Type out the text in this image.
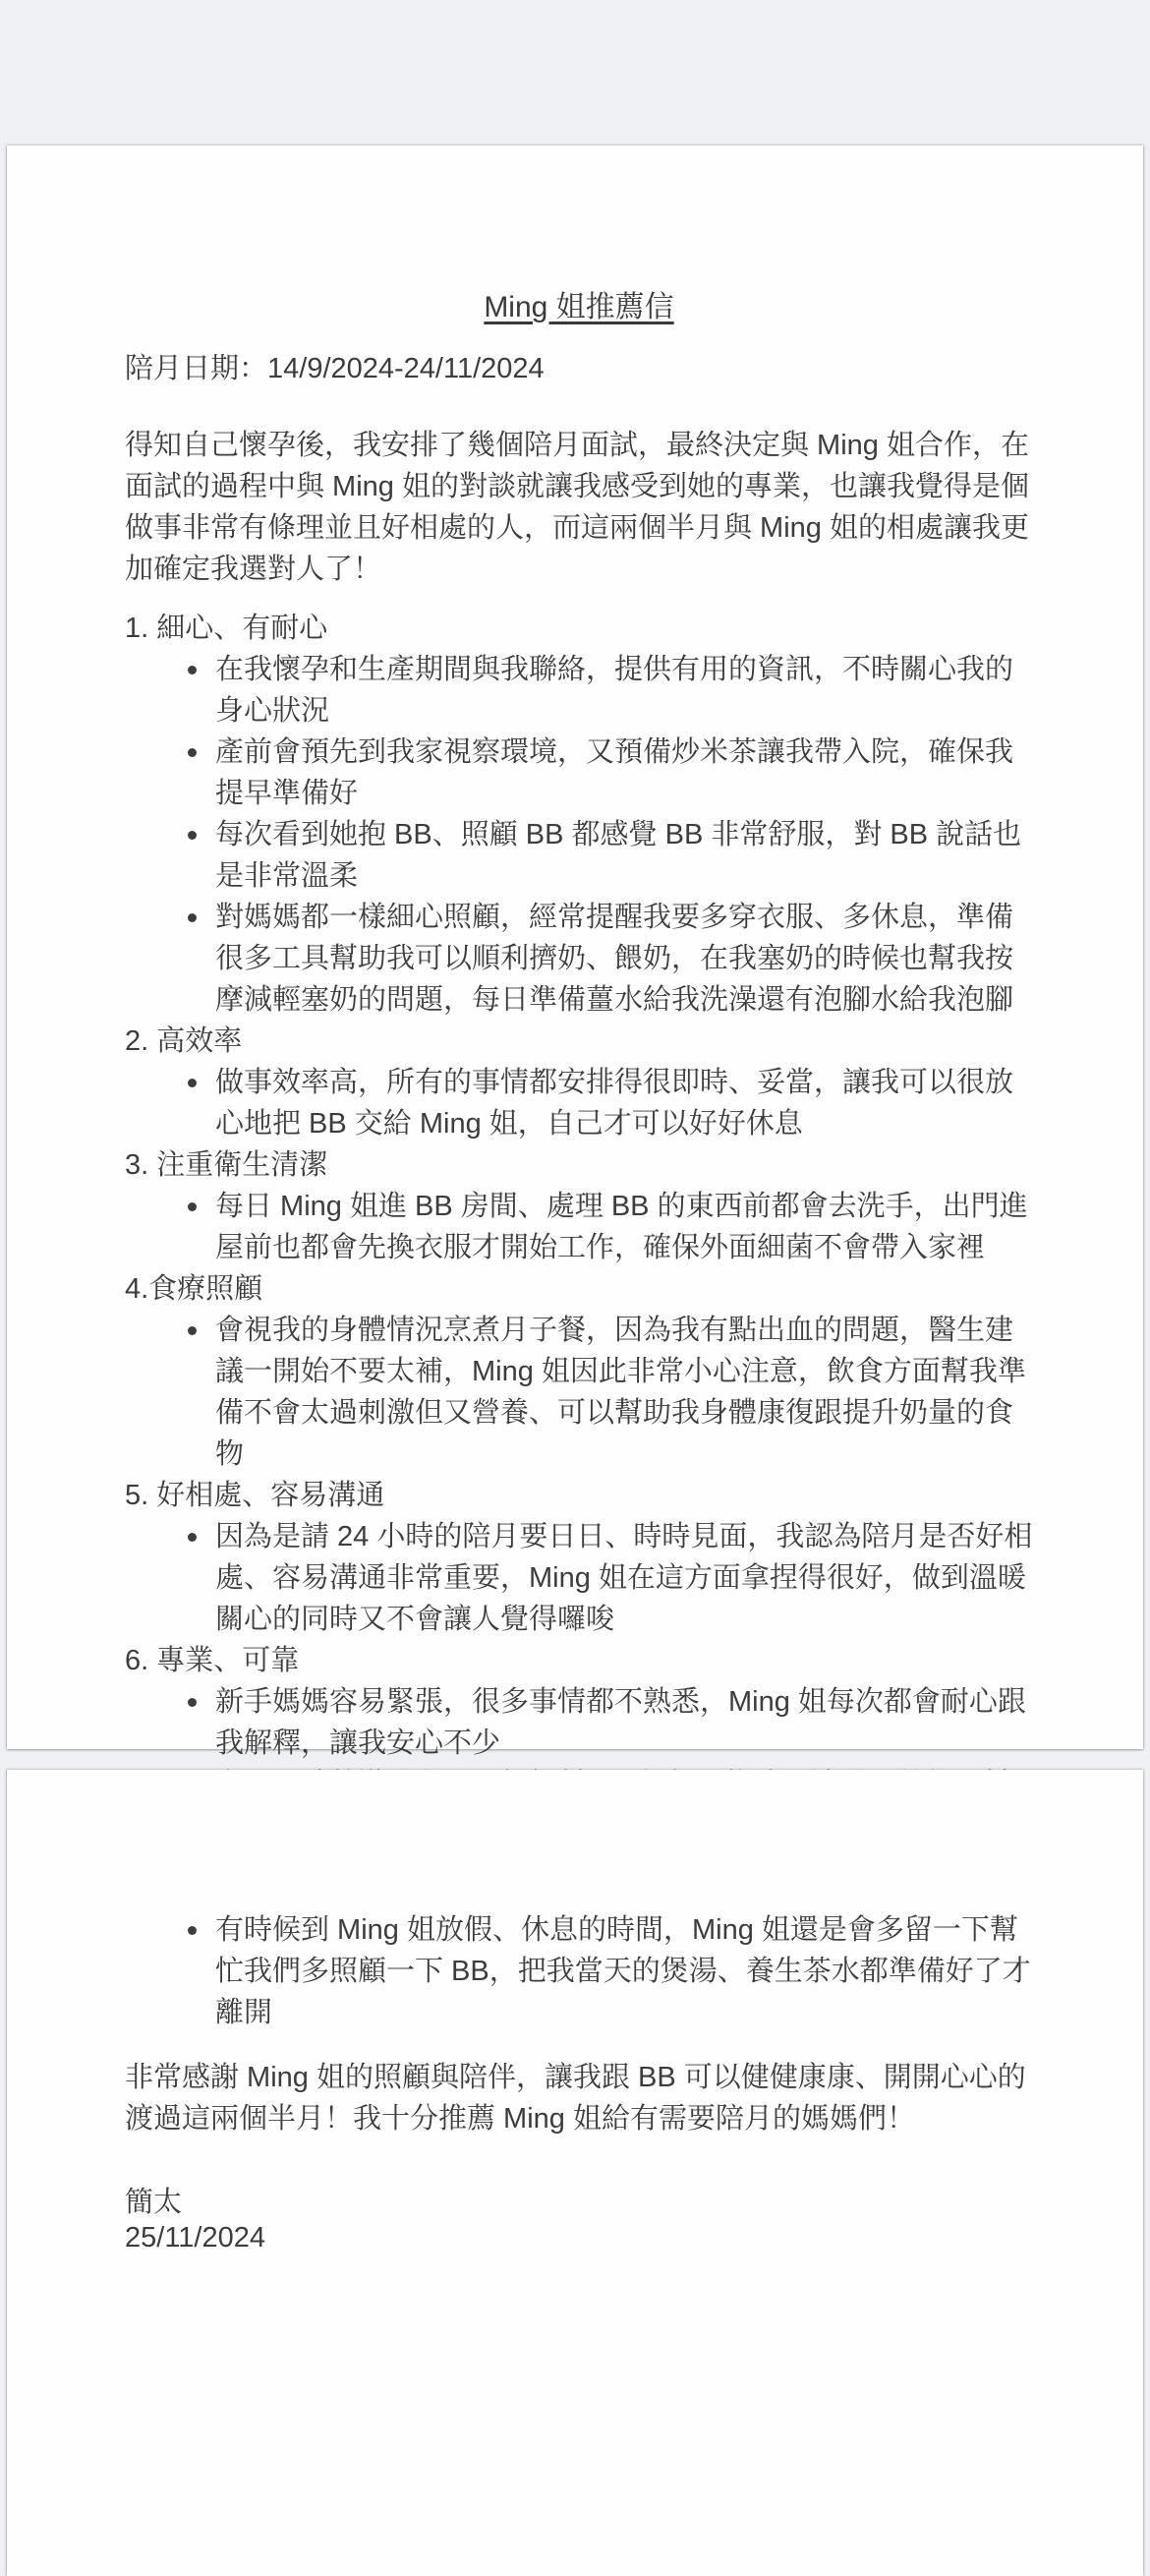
Ming 姐推薦信

陪月日期：14/9/2024-24/11/2024

得知自己懷孕後，我安排了幾個陪月面試，最終決定與 Ming 姐合作，在面試的過程中與 Ming 姐的對談就讓我感受到她的專業，也讓我覺得是個做事非常有條理並且好相處的人，而這兩個半月與 Ming 姐的相處讓我更加確定我選對人了！

1. 細心、有耐心
在我懷孕和生產期間與我聯絡，提供有用的資訊，不時關心我的身心狀況
產前會預先到我家視察環境，又預備炒米茶讓我帶入院，確保我提早準備好
每次看到她抱 BB、照顧 BB 都感覺 BB 非常舒服，對 BB 說話也是非常溫柔
對媽媽都一樣細心照顧，經常提醒我要多穿衣服、多休息，準備很多工具幫助我可以順利擠奶、餵奶，在我塞奶的時候也幫我按摩減輕塞奶的問題，每日準備薑水給我洗澡還有泡腳水給我泡腳
2. 高效率
做事效率高，所有的事情都安排得很即時、妥當，讓我可以很放心地把 BB 交給 Ming 姐，自己才可以好好休息
3. 注重衛生清潔
每日 Ming 姐進 BB 房間、處理 BB 的東西前都會去洗手，出門進屋前也都會先換衣服才開始工作，確保外面細菌不會帶入家裡
4.食療照顧
會視我的身體情況烹煮月子餐，因為我有點出血的問題，醫生建議一開始不要太補，Ming 姐因此非常小心注意，飲食方面幫我準備不會太過刺激但又營養、可以幫助我身體康復跟提升奶量的食物
5. 好相處、容易溝通
因為是請 24 小時的陪月要日日、時時見面，我認為陪月是否好相處、容易溝通非常重要，Ming 姐在這方面拿捏得很好，做到溫暖關心的同時又不會讓人覺得囉唆
6. 專業、可靠
新手媽媽容易緊張，很多事情都不熟悉，Ming 姐每次都會耐心跟我解釋，讓我安心不少
有時候到 Ming 姐放假、休息的時間，Ming 姐還是會多留一下幫忙我們多照顧一下 BB，把我當天的煲湯、養生茶水都準備好了才離開

非常感謝 Ming 姐的照顧與陪伴，讓我跟 BB 可以健健康康、開開心心的渡過這兩個半月！我十分推薦 Ming 姐給有需要陪月的媽媽們！

簡太

25/11/2024
